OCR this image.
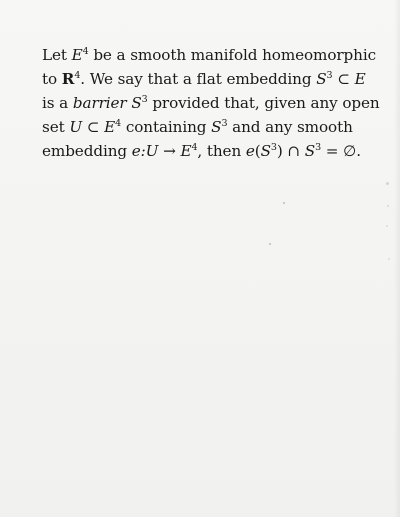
Let $E^4$ be a smooth manifold homeomorphic
to $R^4$. We say that a flat embedding $S^3$ ⊂ E
is a barrier $S^3$ provided that, given any open
set U ⊂ $E^4$ containing $S^3$ and any smooth
embedding e:U → $E^4$, then $e(S^3)$ ∩ $S^3$ = ∅.
